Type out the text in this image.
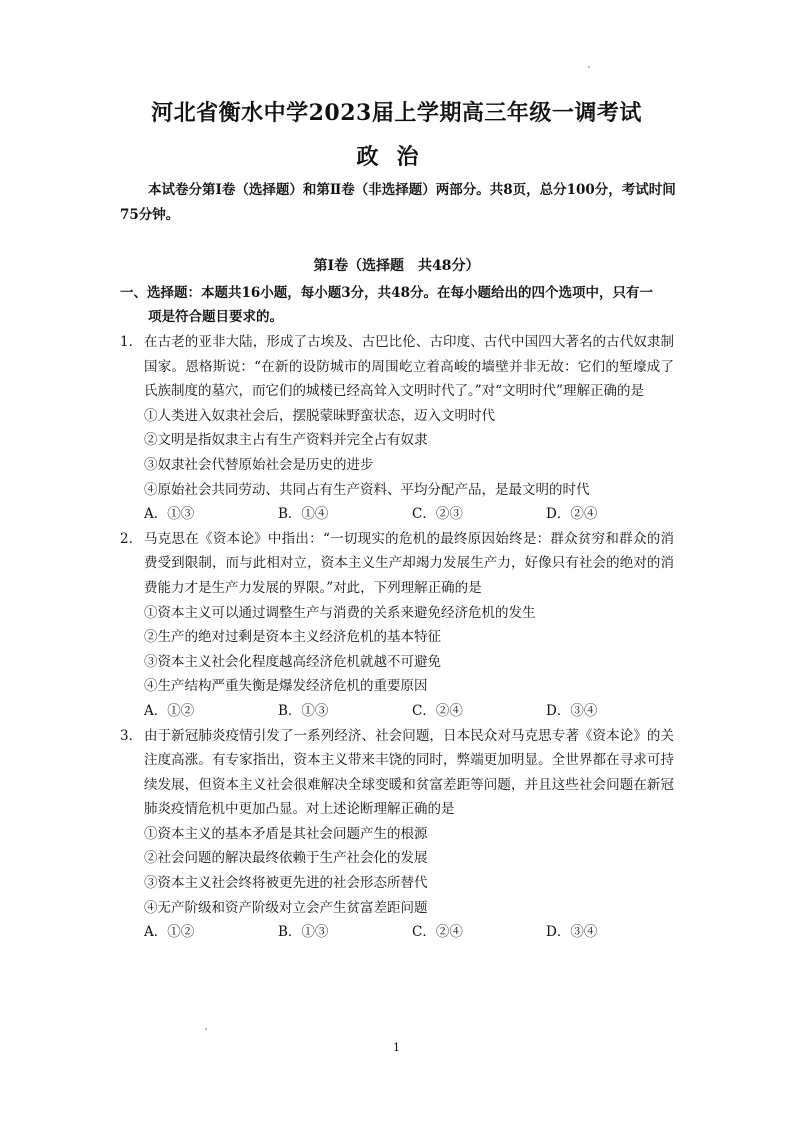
河北省衡水中学2023届上学期高三年级一调考试
政治
本试卷分第I卷（选择题）和第Ⅱ卷（非选择题）两部分。共8页，总分100分，考试时间75分钟。
第I卷（选择题　共48分）
一、选择题：本题共16小题，每小题3分，共48分。在每小题给出的四个选项中，只有一
项是符合题目要求的。
1． 在古老的亚非大陆，形成了古埃及、古巴比伦、古印度、古代中国四大著名的古代奴隶制国家。恩格斯说：“在新的设防城市的周围屹立着高峻的墙壁并非无故：它们的堑壕成了氏族制度的墓穴，而它们的城楼已经高耸入文明时代了。”对“文明时代”理解正确的是
①人类进入奴隶社会后，摆脱蒙昧野蛮状态，迈入文明时代
②文明是指奴隶主占有生产资料并完全占有奴隶
③奴隶社会代替原始社会是历史的进步
④原始社会共同劳动、共同占有生产资料、平均分配产品，是最文明的时代
A．①③	B．①④	C．②③	D．②④
2． 马克思在《资本论》中指出：“一切现实的危机的最终原因始终是：群众贫穷和群众的消费受到限制，而与此相对立，资本主义生产却竭力发展生产力，好像只有社会的绝对的消费能力才是生产力发展的界限。”对此，下列理解正确的是
①资本主义可以通过调整生产与消费的关系来避免经济危机的发生
②生产的绝对过剩是资本主义经济危机的基本特征
③资本主义社会化程度越高经济危机就越不可避免
④生产结构严重失衡是爆发经济危机的重要原因
A．①②	B．①③	C．②④	D．③④
3． 由于新冠肺炎疫情引发了一系列经济、社会问题，日本民众对马克思专著《资本论》的关注度高涨。有专家指出，资本主义带来丰饶的同时，弊端更加明显。全世界都在寻求可持续发展，但资本主义社会很难解决全球变暖和贫富差距等问题，并且这些社会问题在新冠肺炎疫情危机中更加凸显。对上述论断理解正确的是
①资本主义的基本矛盾是其社会问题产生的根源
②社会问题的解决最终依赖于生产社会化的发展
③资本主义社会终将被更先进的社会形态所替代
④无产阶级和资产阶级对立会产生贫富差距问题
A．①②	B．①③	C．②④	D．③④
1
